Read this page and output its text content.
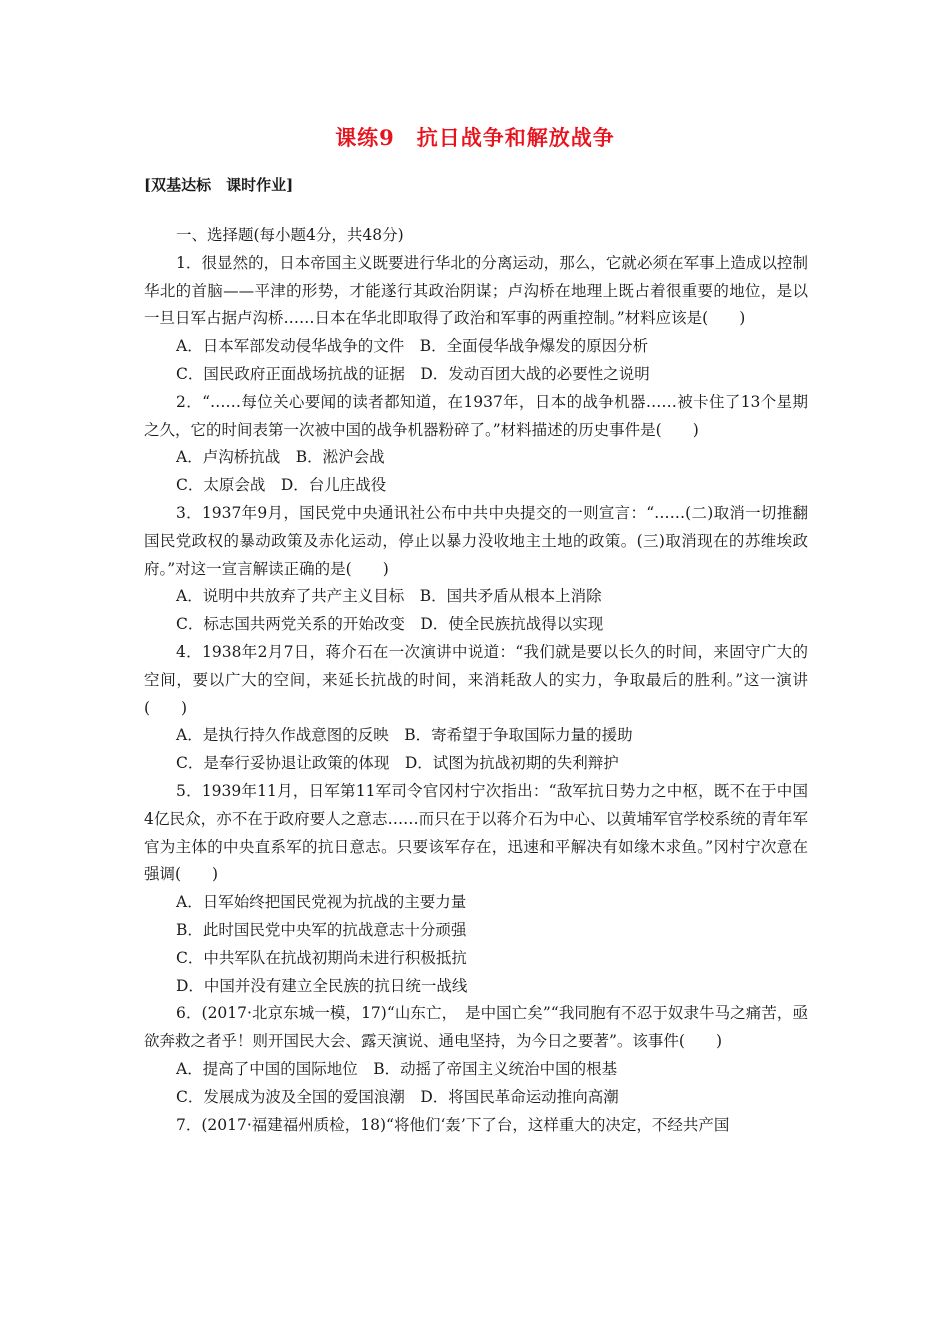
课练9　抗日战争和解放战争
[双基达标　课时作业]

一、选择题(每小题4分，共48分)

1．很显然的，日本帝国主义既要进行华北的分离运动，那么，它就必须在军事上造成以控制华北的首脑——平津的形势，才能遂行其政治阴谋；卢沟桥在地理上既占着很重要的地位，是以一旦日军占据卢沟桥……日本在华北即取得了政治和军事的两重控制。”材料应该是(　　)

A．日本军部发动侵华战争的文件　B．全面侵华战争爆发的原因分析

C．国民政府正面战场抗战的证据　D．发动百团大战的必要性之说明

2．“……每位关心要闻的读者都知道，在1937年，日本的战争机器……被卡住了13个星期之久，它的时间表第一次被中国的战争机器粉碎了。”材料描述的历史事件是(　　)

A．卢沟桥抗战　B．淞沪会战

C．太原会战　D．台儿庄战役

3．1937年9月，国民党中央通讯社公布中共中央提交的一则宣言：“……(二)取消一切推翻国民党政权的暴动政策及赤化运动，停止以暴力没收地主土地的政策。(三)取消现在的苏维埃政府。”对这一宣言解读正确的是(　　)

A．说明中共放弃了共产主义目标　B．国共矛盾从根本上消除

C．标志国共两党关系的开始改变　D．使全民族抗战得以实现

4．1938年2月7日，蒋介石在一次演讲中说道：“我们就是要以长久的时间，来固守广大的空间，要以广大的空间，来延长抗战的时间，来消耗敌人的实力，争取最后的胜利。”这一演讲(　　)

A．是执行持久作战意图的反映　B．寄希望于争取国际力量的援助

C．是奉行妥协退让政策的体现　D．试图为抗战初期的失利辩护

5．1939年11月，日军第11军司令官冈村宁次指出：“敌军抗日势力之中枢，既不在于中国4亿民众，亦不在于政府要人之意志……而只在于以蒋介石为中心、以黄埔军官学校系统的青年军官为主体的中央直系军的抗日意志。只要该军存在，迅速和平解决有如缘木求鱼。”冈村宁次意在强调(　　)

A．日军始终把国民党视为抗战的主要力量

B．此时国民党中央军的抗战意志十分顽强

C．中共军队在抗战初期尚未进行积极抵抗

D．中国并没有建立全民族的抗日统一战线

6．(2017·北京东城一模，17)“山东亡，　是中国亡矣”“我同胞有不忍于奴隶牛马之痛苦，亟欲奔救之者乎！则开国民大会、露天演说、通电坚持，为今日之要著”。该事件(　　)

A．提高了中国的国际地位　B．动摇了帝国主义统治中国的根基

C．发展成为波及全国的爱国浪潮　D．将国民革命运动推向高潮

7．(2017·福建福州质检，18)“将他们‘轰’下了台，这样重大的决定，不经共产国
